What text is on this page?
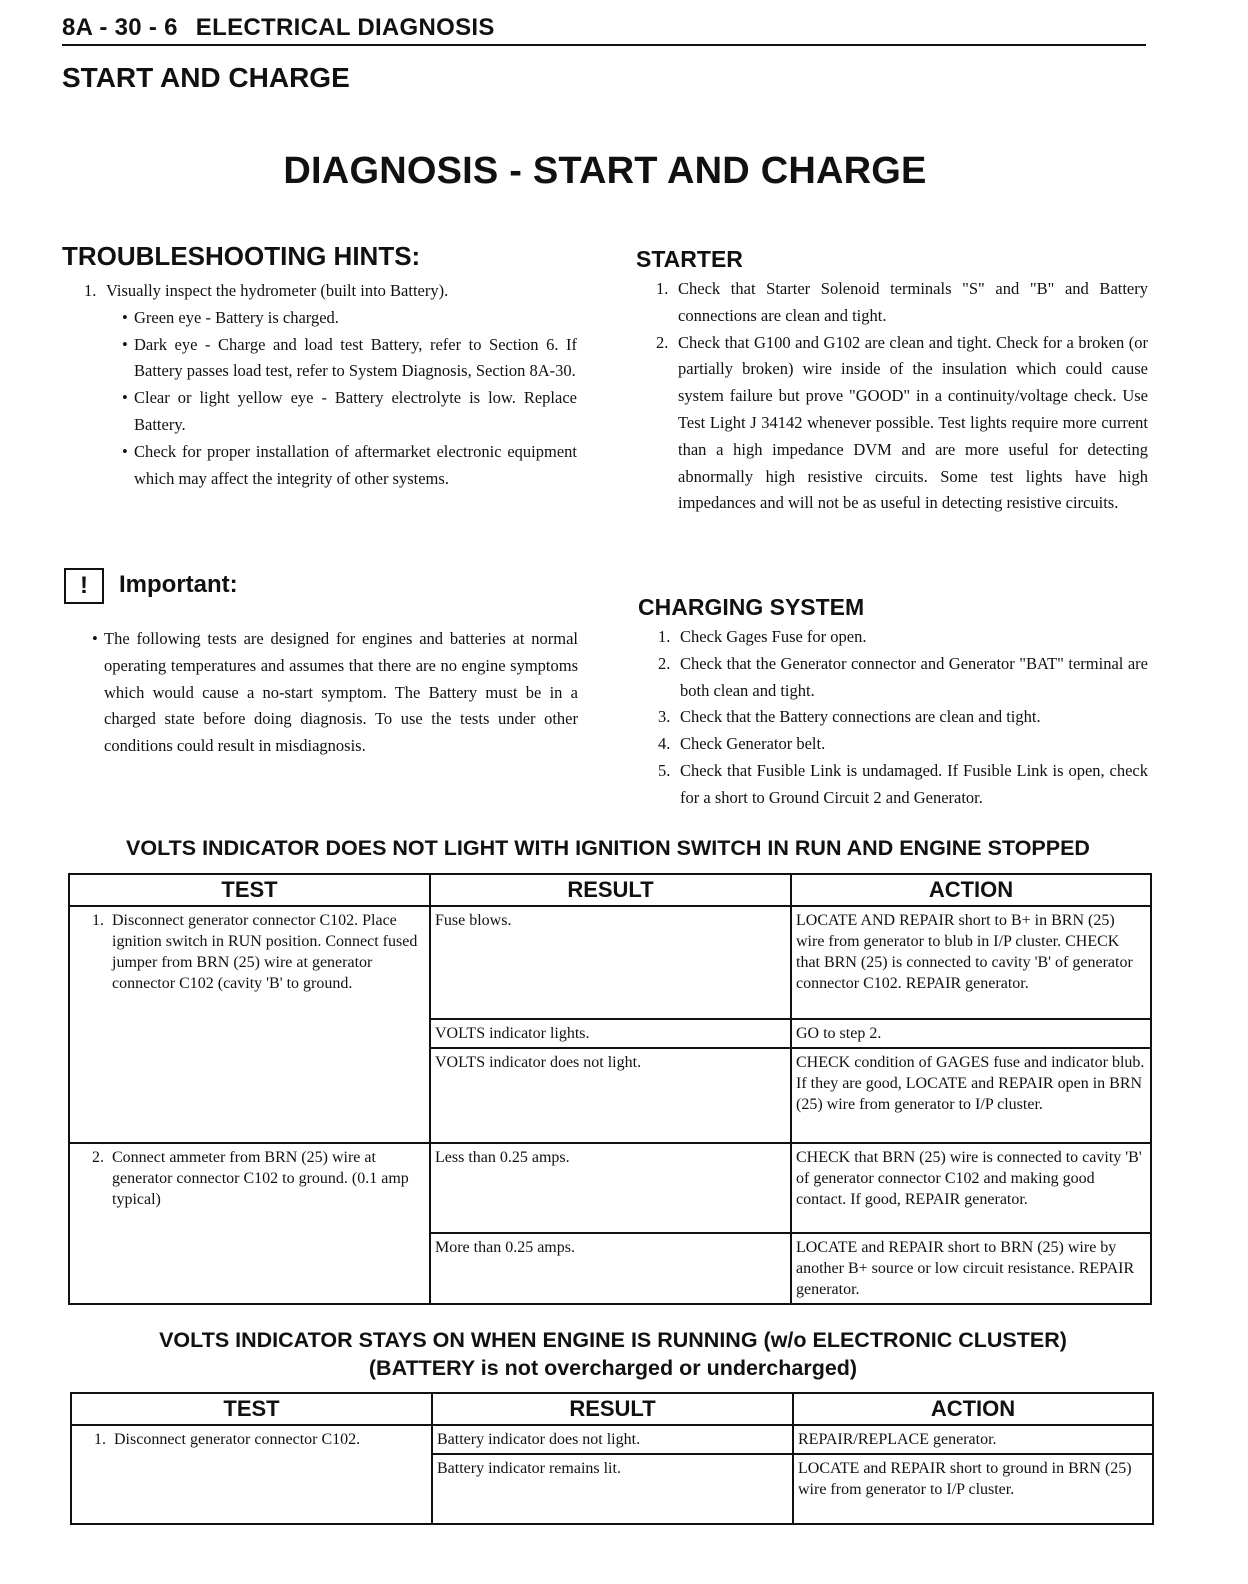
8A - 30 - 6 ELECTRICAL DIAGNOSIS
START AND CHARGE
DIAGNOSIS - START AND CHARGE
TROUBLESHOOTING HINTS:
1. Visually inspect the hydrometer (built into Battery).
• Green eye - Battery is charged.
• Dark eye - Charge and load test Battery, refer to Section 6. If Battery passes load test, refer to System Diagnosis, Section 8A-30.
• Clear or light yellow eye - Battery electrolyte is low. Replace Battery.
• Check for proper installation of aftermarket electronic equipment which may affect the integrity of other systems.
!	Important:
• The following tests are designed for engines and batteries at normal operating temperatures and assumes that there are no engine symptoms which would cause a no-start symptom. The Battery must be in a charged state before doing diagnosis. To use the tests under other conditions could result in misdiagnosis.
STARTER
1. Check that Starter Solenoid terminals "S" and "B" and Battery connections are clean and tight.
2. Check that G100 and G102 are clean and tight. Check for a broken (or partially broken) wire inside of the insulation which could cause system failure but prove "GOOD" in a continuity/voltage check. Use Test Light J 34142 whenever possible. Test lights require more current than a high impedance DVM and are more useful for detecting abnormally high resistive circuits. Some test lights have high impedances and will not be as useful in detecting resistive circuits.
CHARGING SYSTEM
1. Check Gages Fuse for open.
2. Check that the Generator connector and Generator "BAT" terminal are both clean and tight.
3. Check that the Battery connections are clean and tight.
4. Check Generator belt.
5. Check that Fusible Link is undamaged. If Fusible Link is open, check for a short to Ground Circuit 2 and Generator.
VOLTS INDICATOR DOES NOT LIGHT WITH IGNITION SWITCH IN RUN AND ENGINE STOPPED
TEST	RESULT	ACTION

1. Disconnect generator connector C102. Place ignition switch in RUN position. Connect fused jumper from BRN (25) wire at generator connector C102 (cavity 'B' to ground.	Fuse blows.	LOCATE AND REPAIR short to B+ in BRN (25) wire from generator to blub in I/P cluster. CHECK that BRN (25) is connected to cavity 'B' of generator connector C102. REPAIR generator.
	VOLTS indicator lights.	GO to step 2.
	VOLTS indicator does not light.	CHECK condition of GAGES fuse and indicator blub. If they are good, LOCATE and REPAIR open in BRN (25) wire from generator to I/P cluster.

2. Connect ammeter from BRN (25) wire at generator connector C102 to ground. (0.1 amp typical)	Less than 0.25 amps.	CHECK that BRN (25) wire is connected to cavity 'B' of generator connector C102 and making good contact. If good, REPAIR generator.
	More than 0.25 amps.	LOCATE and REPAIR short to BRN (25) wire by another B+ source or low circuit resistance. REPAIR generator.
VOLTS INDICATOR STAYS ON WHEN ENGINE IS RUNNING (w/o ELECTRONIC CLUSTER)
(BATTERY is not overcharged or undercharged)
TEST	RESULT	ACTION

1. Disconnect generator connector C102.	Battery indicator does not light.	REPAIR/REPLACE generator.
	Battery indicator remains lit.	LOCATE and REPAIR short to ground in BRN (25) wire from generator to I/P cluster.
